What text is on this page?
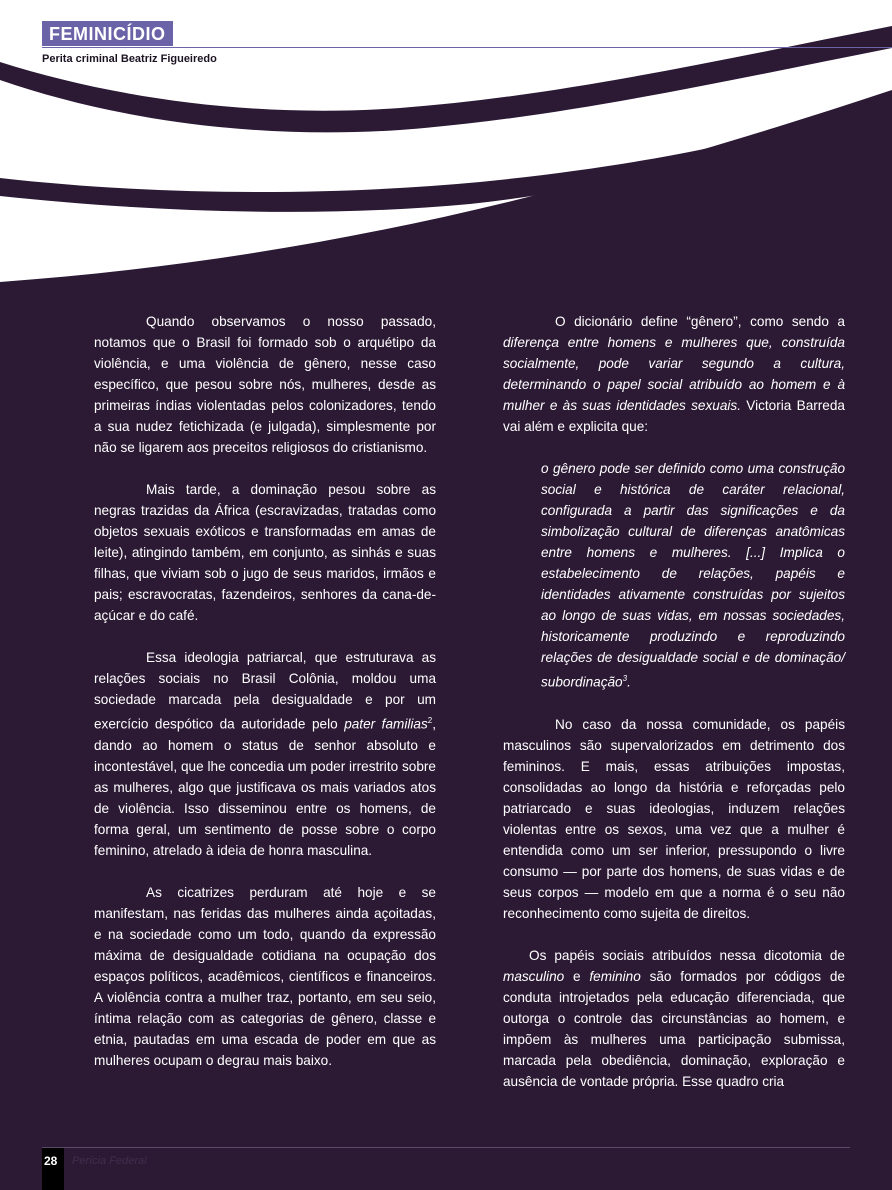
FEMINICÍDIO
Perita criminal Beatriz Figueiredo

Quando observamos o nosso passado, notamos que o Brasil foi formado sob o arquétipo da violência, e uma violência de gênero, nesse caso específico, que pesou sobre nós, mulheres, desde as primeiras índias violentadas pelos colonizadores, tendo a sua nudez fetichizada (e julgada), simplesmente por não se ligarem aos preceitos religiosos do cristianismo.

Mais tarde, a dominação pesou sobre as negras trazidas da África (escravizadas, tratadas como objetos sexuais exóticos e transformadas em amas de leite), atingindo também, em conjunto, as sinhás e suas filhas, que viviam sob o jugo de seus maridos, irmãos e pais; escravocratas, fazendeiros, senhores da cana-de-açúcar e do café.

Essa ideologia patriarcal, que estruturava as relações sociais no Brasil Colônia, moldou uma sociedade marcada pela desigualdade e por um exercício despótico da autoridade pelo pater familias$^2$, dando ao homem o status de senhor absoluto e incontestável, que lhe concedia um poder irrestrito sobre as mulheres, algo que justificava os mais variados atos de violência. Isso disseminou entre os homens, de forma geral, um sentimento de posse sobre o corpo feminino, atrelado à ideia de honra masculina.

As cicatrizes perduram até hoje e se manifestam, nas feridas das mulheres ainda açoitadas, e na sociedade como um todo, quando da expressão máxima de desigualdade cotidiana na ocupação dos espaços políticos, acadêmicos, científicos e financeiros. A violência contra a mulher traz, portanto, em seu seio, íntima relação com as categorias de gênero, classe e etnia, pautadas em uma escada de poder em que as mulheres ocupam o degrau mais baixo.

O dicionário define “gênero”, como sendo a diferença entre homens e mulheres que, construída socialmente, pode variar segundo a cultura, determinando o papel social atribuído ao homem e à mulher e às suas identidades sexuais. Victoria Barreda vai além e explicita que:

o gênero pode ser definido como uma construção social e histórica de caráter relacional, configurada a partir das significações e da simbolização cultural de diferenças anatômicas entre homens e mulheres. [...] Implica o estabelecimento de relações, papéis e identidades ativamente construídas por sujeitos ao longo de suas vidas, em nossas sociedades, historicamente produzindo e reproduzindo relações de desigualdade social e de dominação/ subordinação$^3$.

No caso da nossa comunidade, os papéis masculinos são supervalorizados em detrimento dos femininos. E mais, essas atribuições impostas, consolidadas ao longo da história e reforçadas pelo patriarcado e suas ideologias, induzem relações violentas entre os sexos, uma vez que a mulher é entendida como um ser inferior, pressupondo o livre consumo — por parte dos homens, de suas vidas e de seus corpos — modelo em que a norma é o seu não reconhecimento como sujeita de direitos.

Os papéis sociais atribuídos nessa dicotomia de masculino e feminino são formados por códigos de conduta introjetados pela educação diferenciada, que outorga o controle das circunstâncias ao homem, e impõem às mulheres uma participação submissa, marcada pela obediência, dominação, exploração e ausência de vontade própria. Esse quadro cria

28 Perícia Federal
